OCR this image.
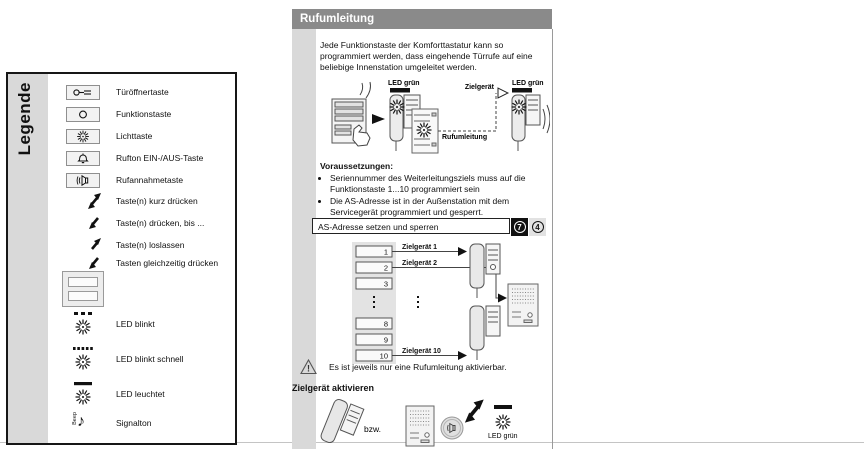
Legende	Türöffnertaste
Funktionstaste
Lichttaste
Rufton EIN-/AUS-Taste
Rufannahmetaste
Taste(n) kurz drücken
Taste(n) drücken, bis ...
Taste(n) loslassen
Tasten gleichzeitig drücken
LED blinkt
LED blinkt schnell
LED leuchtet
♪
Beep	Signalton
Rufumleitung
Jede Funktionstaste der Komforttastatur kann so programmiert werden, dass eingehende Türrufe auf eine beliebige Innenstation umgeleitet werden.
LED grün
Rufumleitung
Zielgerät
LED grün
Voraussetzungen:
• Seriennummer des Weiterleitungsziels muss auf die Funktionstaste 1...10 programmiert sein
• Die AS-Adresse ist in der Außenstation mit dem Servicegerät programmiert und gesperrt.
AS-Adresse setzen und sperren	7	4
1
2
3
8
9
10
Zielgerät 1
Zielgerät 2
Zielgerät 10
! Es ist jeweils nur eine Rufumleitung aktivierbar.
Zielgerät aktivieren
bzw.
LED grün
